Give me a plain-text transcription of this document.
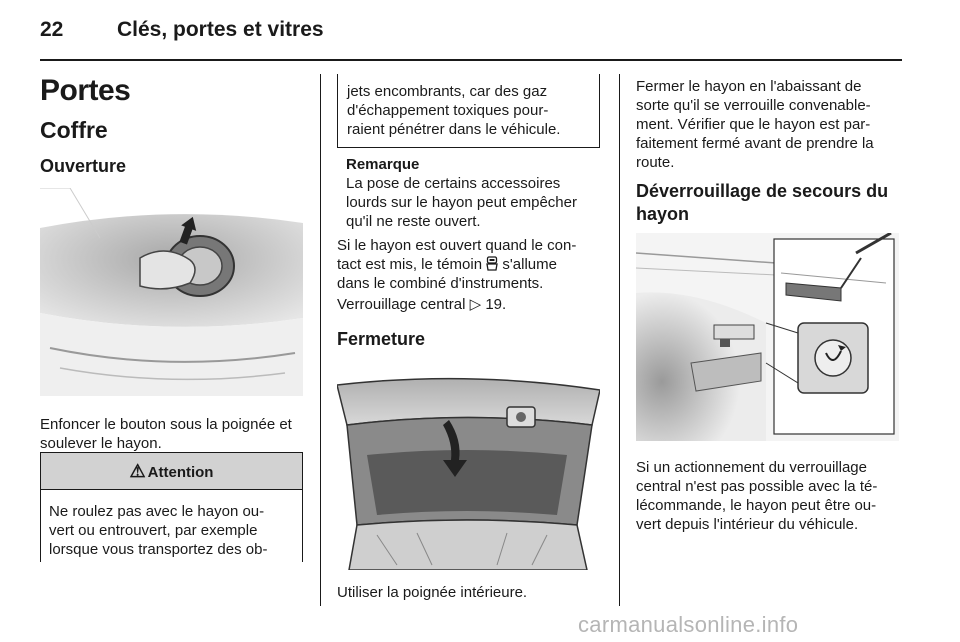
22	Clés, portes et vitres
Portes
Coffre
Ouverture
Enfoncer le bouton sous la poignée et
soulever le hayon.
⚠ Attention
Ne roulez pas avec le hayon ou-
vert ou entrouvert, par exemple
lorsque vous transportez des ob-
jets encombrants, car des gaz
d'échappement toxiques pour-
raient pénétrer dans le véhicule.
Remarque
La pose de certains accessoires
lourds sur le hayon peut empêcher
qu'il ne reste ouvert.
Si le hayon est ouvert quand le con-
tact est mis, le témoin  s'allume
dans le combiné d'instruments.
Verrouillage central ▷ 19.
Fermeture
Utiliser la poignée intérieure.
Fermer le hayon en l'abaissant de
sorte qu'il se verrouille convenable-
ment. Vérifier que le hayon est par-
faitement fermé avant de prendre la
route.
Déverrouillage de secours du
hayon
Si un actionnement du verrouillage
central n'est pas possible avec la té-
lécommande, le hayon peut être ou-
vert depuis l'intérieur du véhicule.
carmanualsonline.info
